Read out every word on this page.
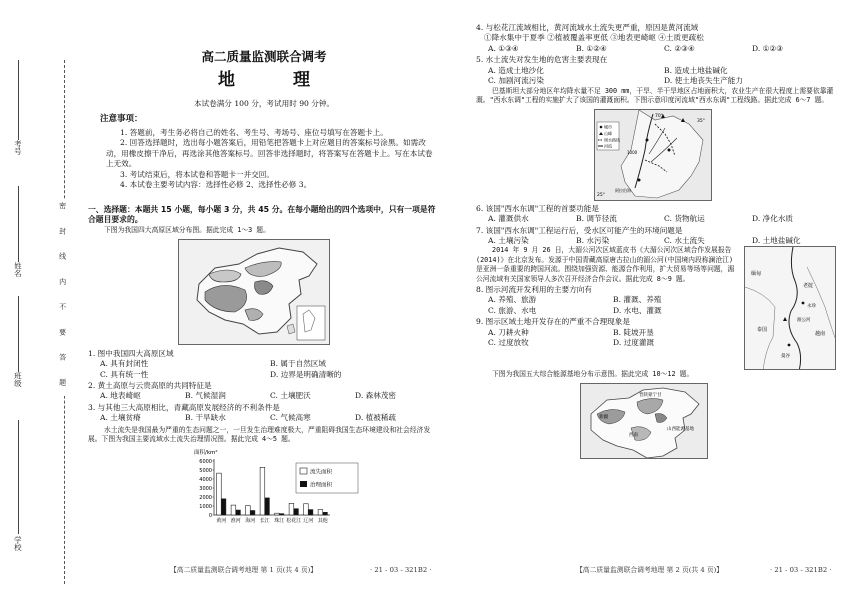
密 封 线 内 不 要 答 题
考号
姓名
班级
学校
高二质量监测联合调考
地 理
本试卷满分 100 分，考试用时 90 分钟。
注意事项：

1. 答题前，考生务必将自己的姓名、考生号、考场号、座位号填写在答题卡上。

2. 回答选择题时，选出每小题答案后，用铅笔把答题卡上对应题目的答案标号涂黑。如需改动，用橡皮擦干净后，再选涂其他答案标号。回答非选择题时，将答案写在答题卡上。写在本试卷上无效。

3. 考试结束后，将本试卷和答题卡一并交回。

4. 本试卷主要考试内容：选择性必修 2、选择性必修 3。

一、选择题：本题共 15 小题，每小题 3 分，共 45 分。在每小题给出的四个选项中，只有一项是符合题目要求的。
下图为我国四大高原区域分布图。据此完成 1～3 题。
1. 图中我国四大高原区域
A. 具有封闭性	B. 属于自然区域
C. 具有统一性	D. 边界是明确清晰的
2. 黄土高原与云贵高原的共同特征是
A. 地表崎岖	B. 气候湿润	C. 土壤肥沃	D. 森林茂密
3. 与其他三大高原相比，青藏高原发展经济的不利条件是
A. 土壤贫瘠	B. 干旱缺水	C. 气候高寒	D. 植被稀疏
水土流失是我国最为严重的生态问题之一，一旦发生治理难度极大，严重阻碍我国生态环境建设和社会经济发展。下图为我国主要流域水土流失治理情况图。据此完成 4～5 题。
面积/km²
6000
5000
4000
3000
2000
1000
0
黄河 淮河 海河 长江 珠江 松花江 辽河 其他
流失面积
治理面积
【高二质量监测联合调考地理 第 1 页(共 4 页)】	· 21 - 03 - 321B2 ·
4. 与松花江流域相比，黄河流域水土流失更严重，原因是黄河流域
①降水集中于夏季 ②植被覆盖率更低 ③地表更崎岖 ④土质更疏松
A. ①③④	B. ①②④	C. ②③④	D. ①②③
5. 水土流失对发生地的危害主要表现在
A. 造成土地沙化	B. 造成土地盐碱化
C. 加剧河流污染	D. 使土地丧失生产能力
巴基斯坦大部分地区年均降水量不足 300 mm，干旱、半干旱地区占地面积大，农业生产在很大程度上需要依靠灌溉。"西水东调"工程的实施扩大了该国的灌溉面积。下图示意印度河流域"西水东调"工程线路。据此完成 6～7 题。
城市
山峰
调水路线
河流
70°
35°
25°
1000
阿拉伯海
6. 该国"西水东调"工程的首要功能是
A. 灌溉供水	B. 调节径流	C. 货物航运	D. 净化水质
7. 该国"西水东调"工程运行后，受水区可能产生的环境问题是
A. 土壤污染	B. 水污染	C. 水土流失	D. 土地盐碱化
2014 年 9 月 26 日，大湄公河次区域蓝皮书《大湄公河次区域合作发展报告(2014)》在北京发布。发源于中国青藏高原唐古拉山的湄公河(中国境内段称澜沧江)是亚洲一条重要的跨国河流。围绕加强资源、能源合作利用，扩大贸易等场等问题，湄公河流域有关国家领导人多次召开经济合作会议。据此完成 8～9 题。
8. 图示河流开发利用的主要方向有
A. 养殖、旅游	B. 灌溉、养殖
C. 旅游、水电	D. 水电、灌溉
9. 图示区域土地开发存在的严重不合理现象是
A. 刀耕火种	B. 陡坡开垦
C. 过度放牧	D. 过度灌溉
缅甸
老挝
泰国
越南
湄公河
曼谷
永珍
下图为我国五大综合能源基地分布示意图。据此完成 10～12 题。
晋陕蒙宁甘
新疆
西南
山西能源基地
【高二质量监测联合调考地理 第 2 页(共 4 页)】	· 21 - 03 - 321B2 ·
